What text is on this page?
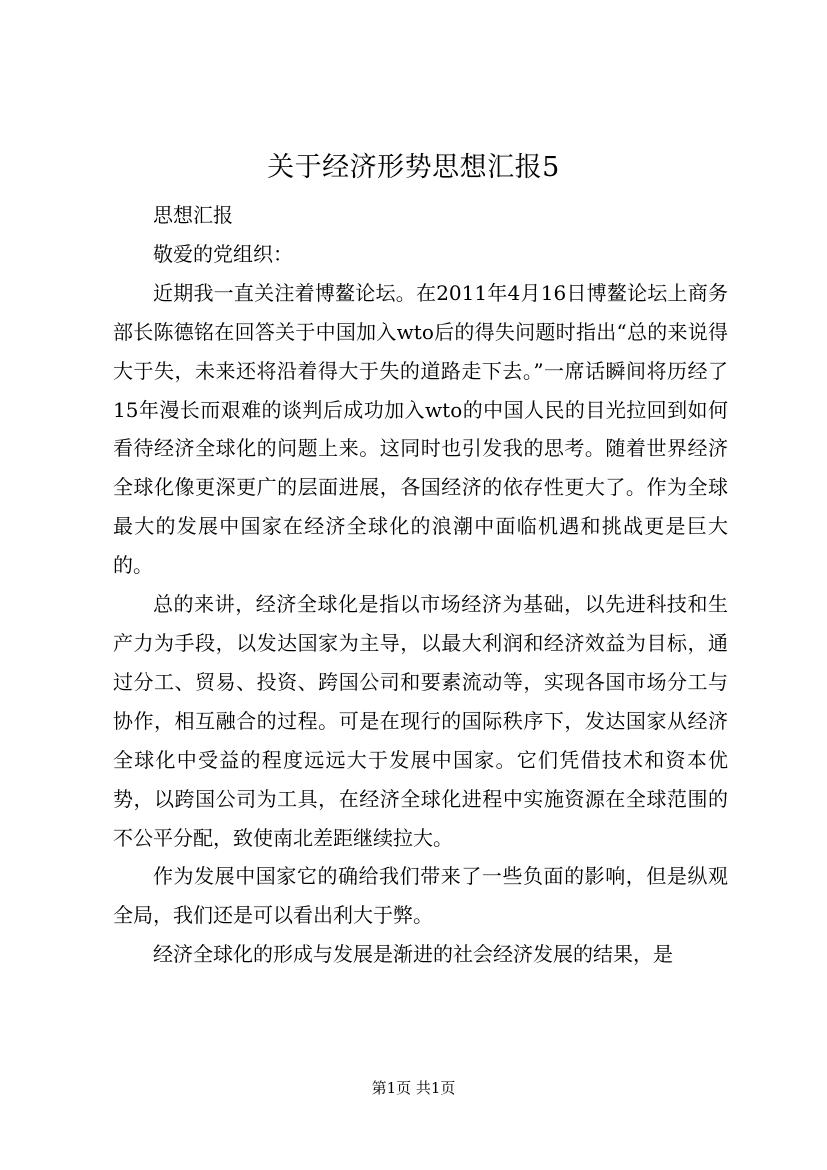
关于经济形势思想汇报5

思想汇报

敬爱的党组织：

近期我一直关注着博鳌论坛。在2011年4月16日博鳌论坛上商务部长陈德铭在回答关于中国加入wto后的得失问题时指出“总的来说得大于失，未来还将沿着得大于失的道路走下去。”一席话瞬间将历经了15年漫长而艰难的谈判后成功加入wto的中国人民的目光拉回到如何看待经济全球化的问题上来。这同时也引发我的思考。随着世界经济全球化像更深更广的层面进展，各国经济的依存性更大了。作为全球最大的发展中国家在经济全球化的浪潮中面临机遇和挑战更是巨大的。

总的来讲，经济全球化是指以市场经济为基础，以先进科技和生产力为手段，以发达国家为主导，以最大利润和经济效益为目标，通过分工、贸易、投资、跨国公司和要素流动等，实现各国市场分工与协作，相互融合的过程。可是在现行的国际秩序下，发达国家从经济全球化中受益的程度远远大于发展中国家。它们凭借技术和资本优势，以跨国公司为工具，在经济全球化进程中实施资源在全球范围的不公平分配，致使南北差距继续拉大。

作为发展中国家它的确给我们带来了一些负面的影响，但是纵观全局，我们还是可以看出利大于弊。

经济全球化的形成与发展是渐进的社会经济发展的结果，是

第1页 共1页
